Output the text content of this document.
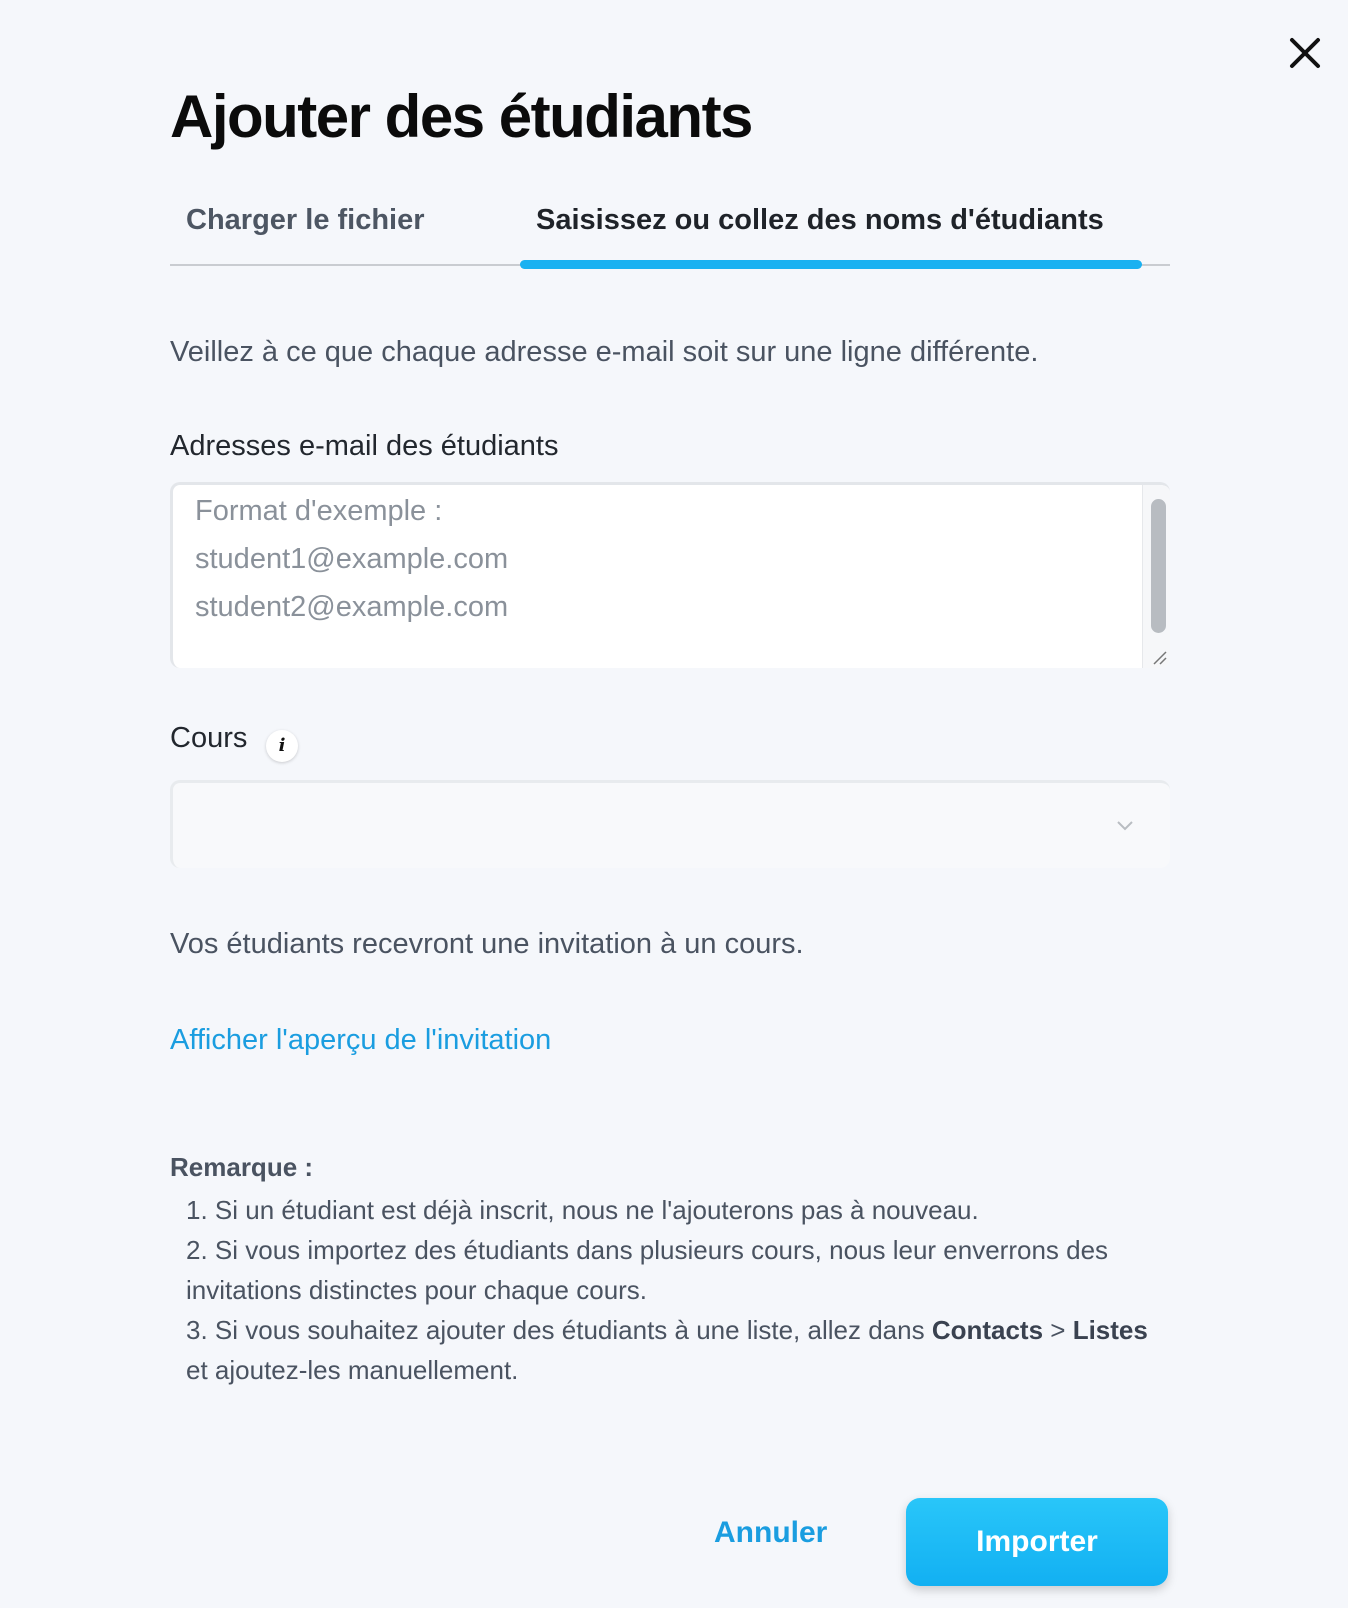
Ajouter des étudiants
Charger le fichier	Saisissez ou collez des noms d'étudiants

Veillez à ce que chaque adresse e-mail soit sur une ligne différente.

Adresses e-mail des étudiants
Format d'exemple :
student1@example.com
student2@example.com
Cours	i

Vos étudiants recevront une invitation à un cours.

Afficher l'aperçu de l'invitation
Remarque :
1. Si un étudiant est déjà inscrit, nous ne l'ajouterons pas à nouveau.
2. Si vous importez des étudiants dans plusieurs cours, nous leur enverrons des invitations distinctes pour chaque cours.
3. Si vous souhaitez ajouter des étudiants à une liste, allez dans Contacts > Listes et ajoutez-les manuellement.
Annuler	Importer
